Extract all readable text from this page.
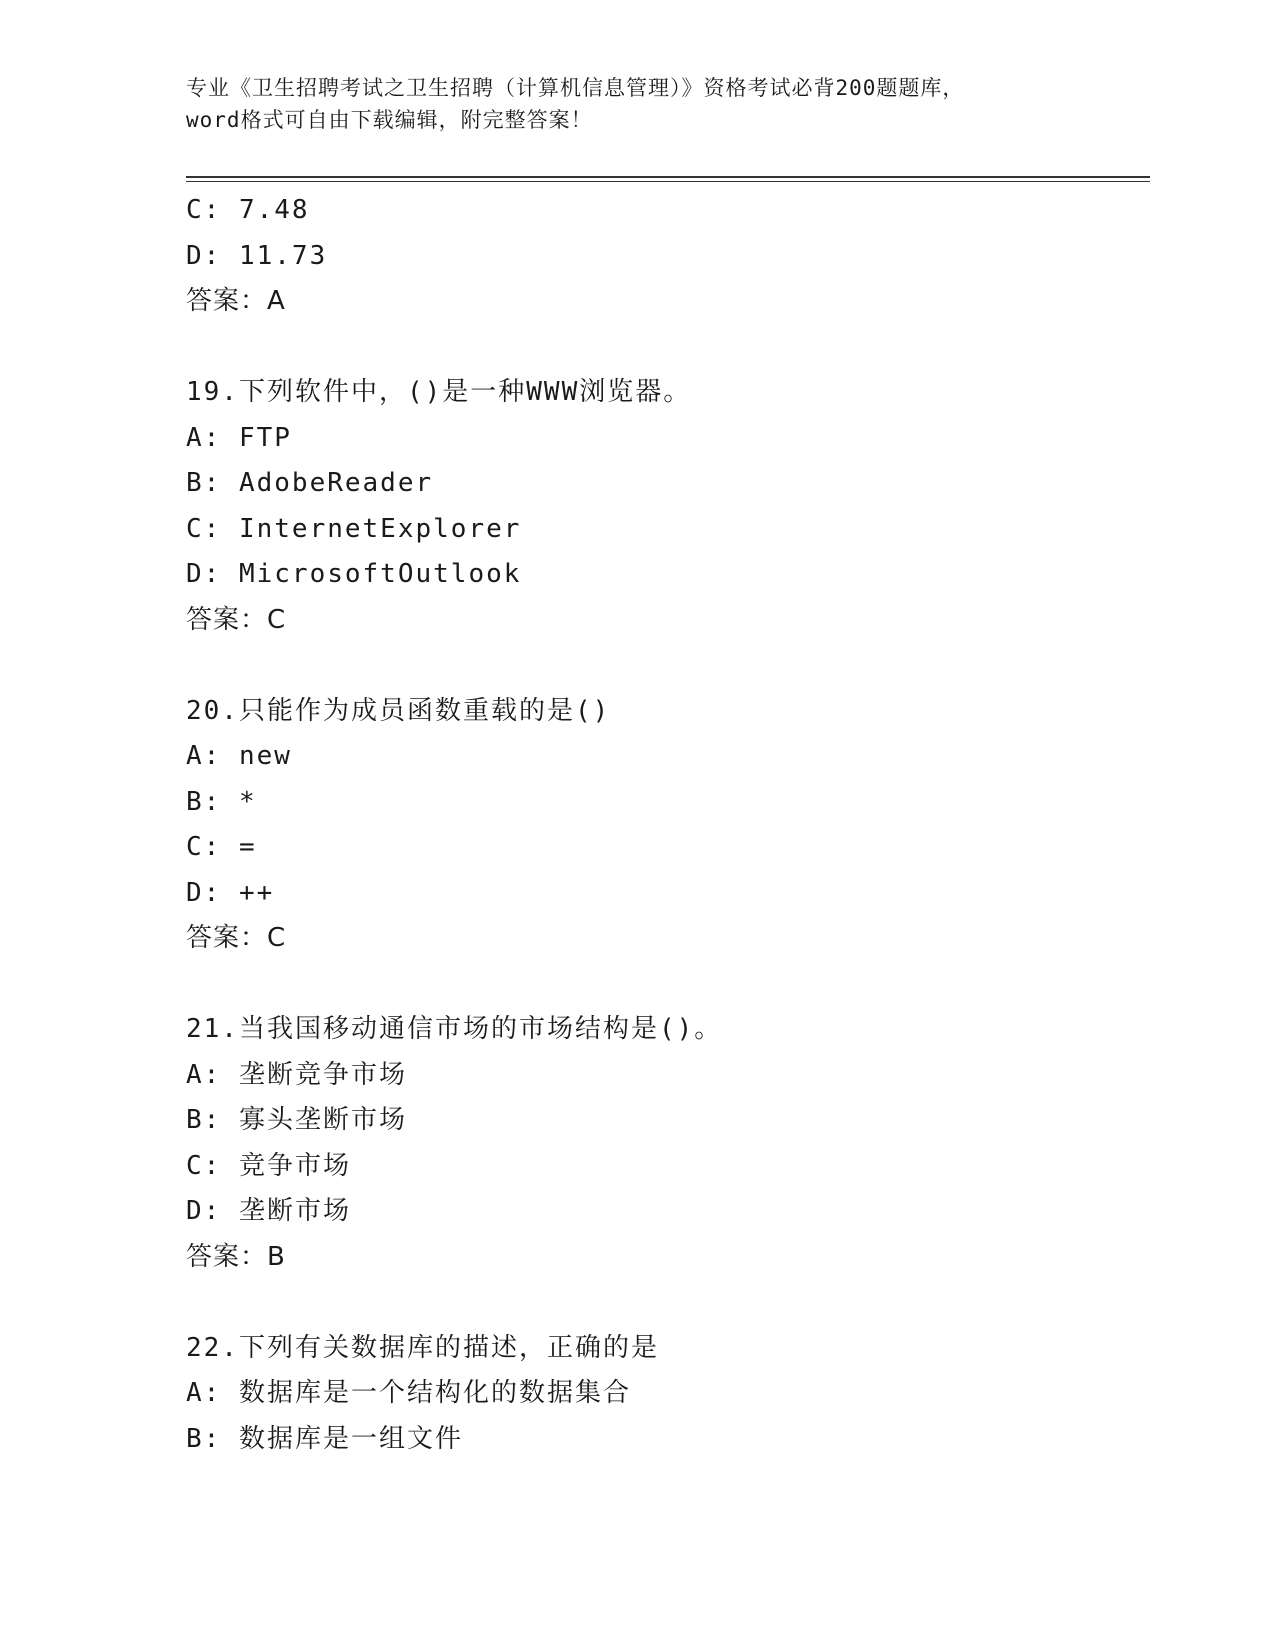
专业《卫生招聘考试之卫生招聘（计算机信息管理）》资格考试必背200题题库，
word格式可自由下载编辑，附完整答案！
C: 7.48
D: 11.73
答案：A
19.下列软件中，()是一种WWW浏览器。
A: FTP
B: AdobeReader
C: InternetExplorer
D: MicrosoftOutlook
答案：C
20.只能作为成员函数重载的是()
A: new
B: *
C: =
D: ++
答案：C
21.当我国移动通信市场的市场结构是()。
A: 垄断竞争市场
B: 寡头垄断市场
C: 竞争市场
D: 垄断市场
答案：B
22.下列有关数据库的描述，正确的是
A: 数据库是一个结构化的数据集合
B: 数据库是一组文件
